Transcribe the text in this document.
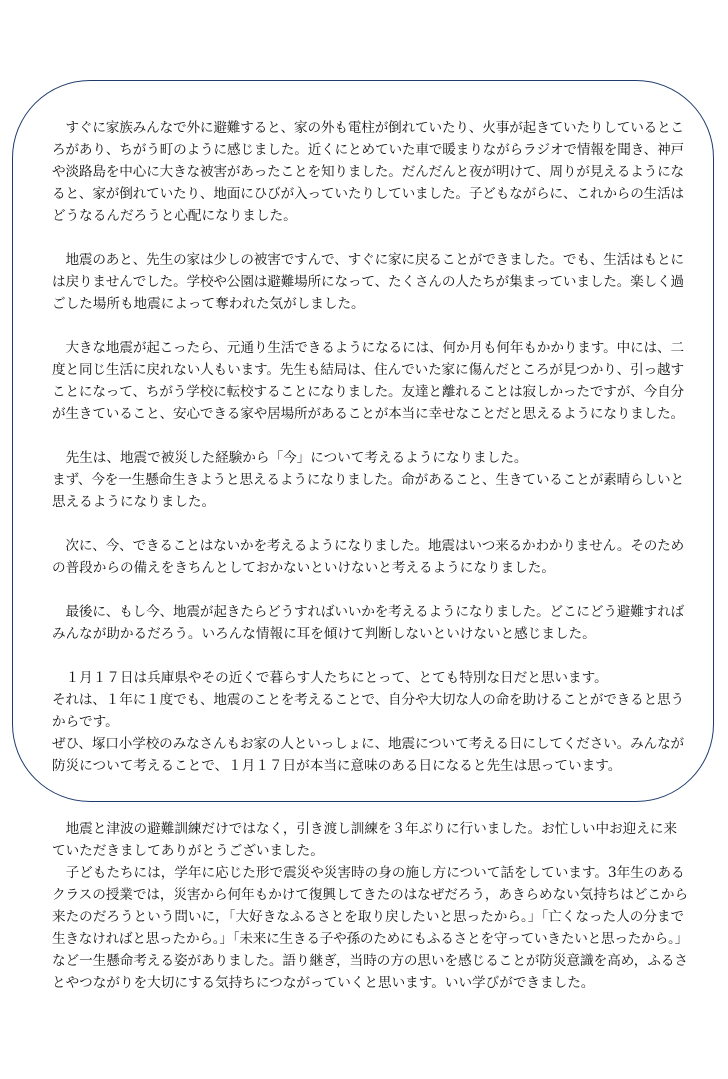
　すぐに家族みんなで外に避難すると、家の外も電柱が倒れていたり、火事が起きていたりしているとこ
ろがあり、ちがう町のように感じました。近くにとめていた車で暖まりながらラジオで情報を聞き、神戸
や淡路島を中心に大きな被害があったことを知りました。だんだんと夜が明けて、周りが見えるようにな
ると、家が倒れていたり、地面にひびが入っていたりしていました。子どもながらに、これからの生活は
どうなるんだろうと心配になりました。

　地震のあと、先生の家は少しの被害ですんで、すぐに家に戻ることができました。でも、生活はもとに
は戻りませんでした。学校や公園は避難場所になって、たくさんの人たちが集まっていました。楽しく過
ごした場所も地震によって奪われた気がしました。

　大きな地震が起こったら、元通り生活できるようになるには、何か月も何年もかかります。中には、二
度と同じ生活に戻れない人もいます。先生も結局は、住んでいた家に傷んだところが見つかり、引っ越す
ことになって、ちがう学校に転校することになりました。友達と離れることは寂しかったですが、今自分
が生きていること、安心できる家や居場所があることが本当に幸せなことだと思えるようになりました。

　先生は、地震で被災した経験から「今」について考えるようになりました。
まず、今を一生懸命生きようと思えるようになりました。命があること、生きていることが素晴らしいと
思えるようになりました。

　次に、今、できることはないかを考えるようになりました。地震はいつ来るかわかりません。そのため
の普段からの備えをきちんとしておかないといけないと考えるようになりました。

　最後に、もし今、地震が起きたらどうすればいいかを考えるようになりました。どこにどう避難すれば
みんなが助かるだろう。いろんな情報に耳を傾けて判断しないといけないと感じました。

　１月１７日は兵庫県やその近くで暮らす人たちにとって、とても特別な日だと思います。
それは、１年に１度でも、地震のことを考えることで、自分や大切な人の命を助けることができると思う
からです。
ぜひ、塚口小学校のみなさんもお家の人といっしょに、地震について考える日にしてください。みんなが
防災について考えることで、１月１７日が本当に意味のある日になると先生は思っています。

　地震と津波の避難訓練だけではなく，引き渡し訓練を３年ぶりに行いました。お忙しい中お迎えに来
ていただきましてありがとうございました。

　子どもたちには，学年に応じた形で震災や災害時の身の施し方について話をしています。3年生のある
クラスの授業では，災害から何年もかけて復興してきたのはなぜだろう，あきらめない気持ちはどこから
来たのだろうという問いに，「大好きなふるさとを取り戻したいと思ったから。」「亡くなった人の分まで
生きなければと思ったから。」「未来に生きる子や孫のためにもふるさとを守っていきたいと思ったから。」
など一生懸命考える姿がありました。語り継ぎ，当時の方の思いを感じることが防災意識を高め，ふるさ
とやつながりを大切にする気持ちにつながっていくと思います。いい学びができました。
